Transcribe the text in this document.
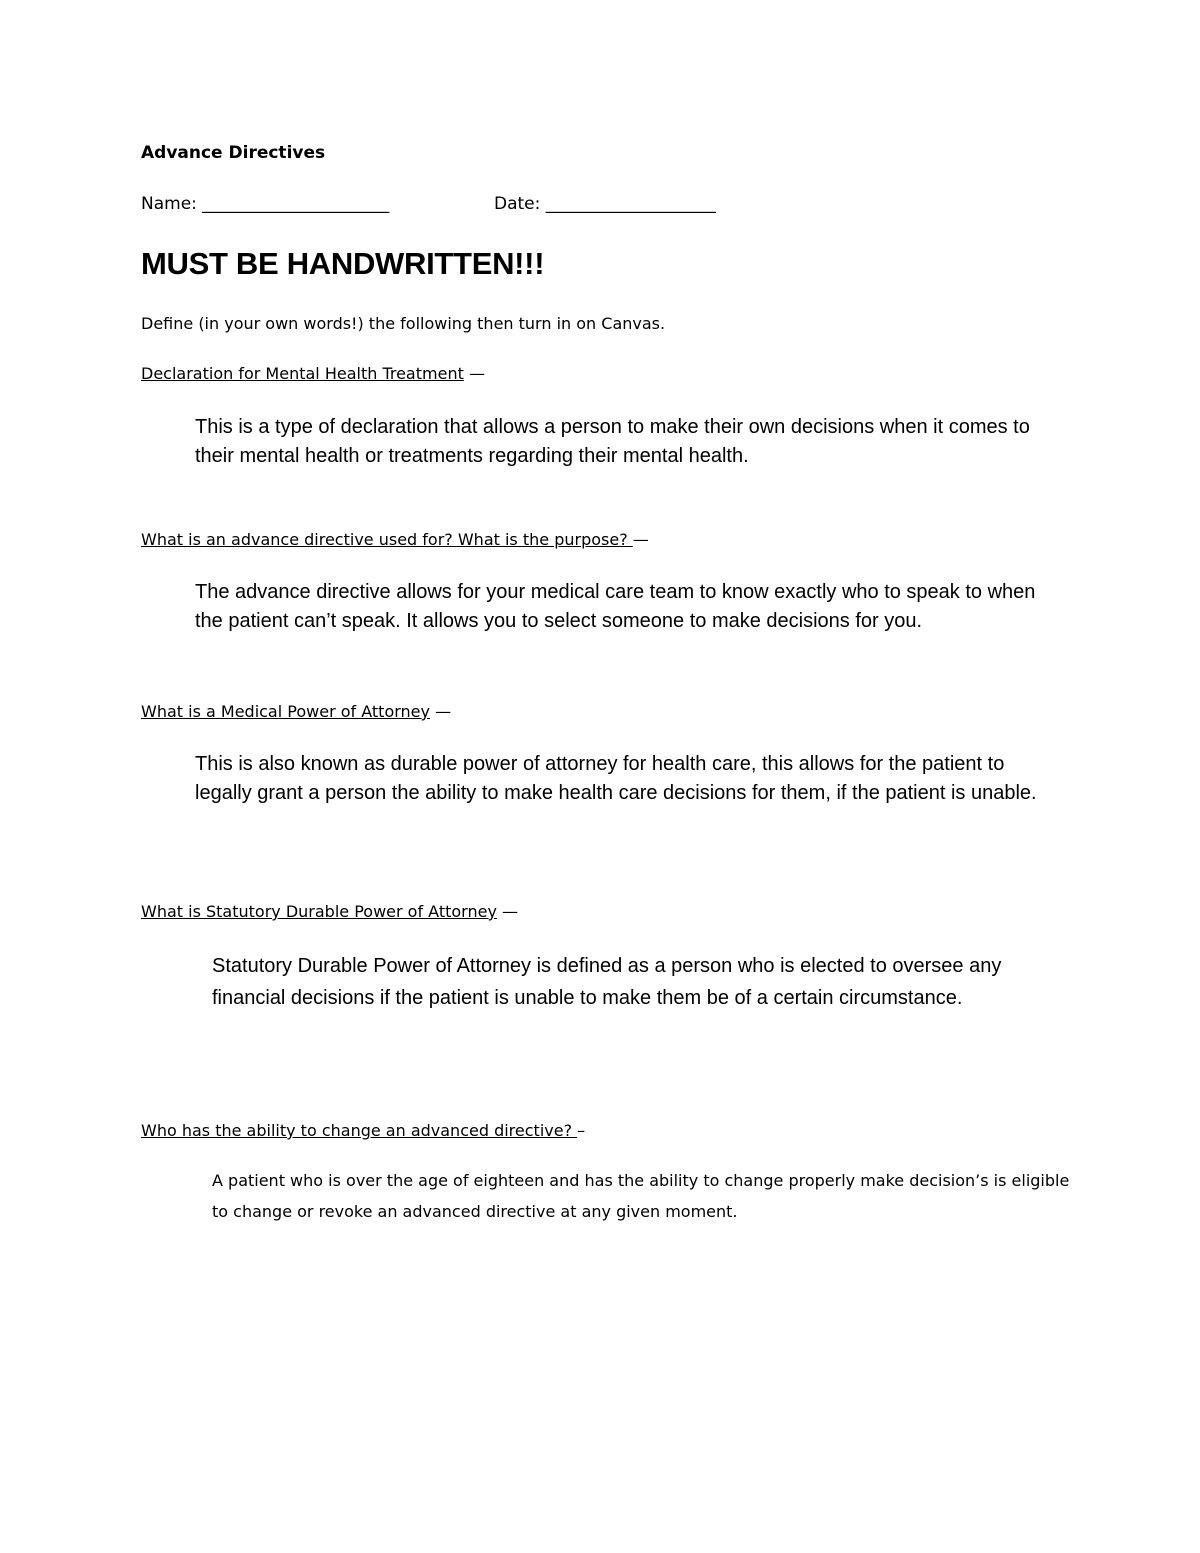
Advance Directives
Name: ______________________	Date: ____________________
MUST BE HANDWRITTEN!!!
Define (in your own words!) the following then turn in on Canvas.
Declaration for Mental Health Treatment —
This is a type of declaration that allows a person to make their own decisions when it comes to their mental health or treatments regarding their mental health.
What is an advance directive used for? What is the purpose? —
The advance directive allows for your medical care team to know exactly who to speak to when the patient can’t speak. It allows you to select someone to make decisions for you.
What is a Medical Power of Attorney —
This is also known as durable power of attorney for health care, this allows for the patient to legally grant a person the ability to make health care decisions for them, if the patient is unable.
What is Statutory Durable Power of Attorney —
Statutory Durable Power of Attorney is defined as a person who is elected to oversee any financial decisions if the patient is unable to make them be of a certain circumstance.
Who has the ability to change an advanced directive? –
A patient who is over the age of eighteen and has the ability to change properly make decision’s is eligible to change or revoke an advanced directive at any given moment.
